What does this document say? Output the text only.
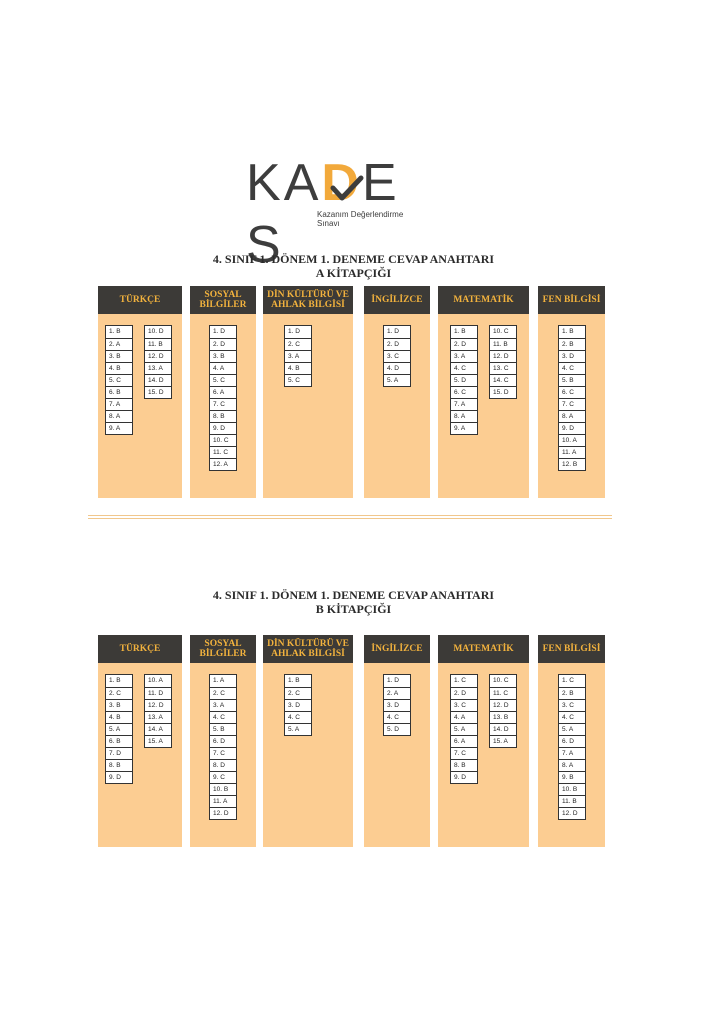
KADES
Kazanım Değerlendirme
Sınavı
4. SINIF 1. DÖNEM 1. DENEME CEVAP ANAHTARI
A KİTAPÇIĞI
TÜRKÇE
1. B
2. A
3. B
4. B
5. C
6. B
7. A
8. A
9. A
10. D
11. B
12. D
13. A
14. D
15. D
SOSYAL BİLGİLER
1. D
2. D
3. B
4. A
5. C
6. A
7. C
8. B
9. D
10. C
11. C
12. A
DİN KÜLTÜRÜ VE AHLAK BİLGİSİ
1. D
2. C
3. A
4. B
5. C
İNGİLİZCE
1. D
2. D
3. C
4. D
5. A
MATEMATİK
1. B
2. D
3. A
4. C
5. D
6. C
7. A
8. A
9. A
10. C
11. B
12. D
13. C
14. C
15. D
FEN BİLGİSİ
1. B
2. B
3. D
4. C
5. B
6. C
7. C
8. A
9. D
10. A
11. A
12. B
4. SINIF 1. DÖNEM 1. DENEME CEVAP ANAHTARI
B KİTAPÇIĞI
TÜRKÇE
1. B
2. C
3. B
4. B
5. A
6. B
7. D
8. B
9. D
10. A
11. D
12. D
13. A
14. A
15. A
SOSYAL BİLGİLER
1. A
2. C
3. A
4. C
5. B
6. D
7. C
8. D
9. C
10. B
11. A
12. D
DİN KÜLTÜRÜ VE AHLAK BİLGİSİ
1. B
2. C
3. D
4. C
5. A
İNGİLİZCE
1. D
2. A
3. D
4. C
5. D
MATEMATİK
1. C
2. D
3. C
4. A
5. A
6. A
7. C
8. B
9. D
10. C
11. C
12. D
13. B
14. D
15. A
FEN BİLGİSİ
1. C
2. B
3. C
4. C
5. A
6. D
7. A
8. A
9. B
10. B
11. B
12. D
